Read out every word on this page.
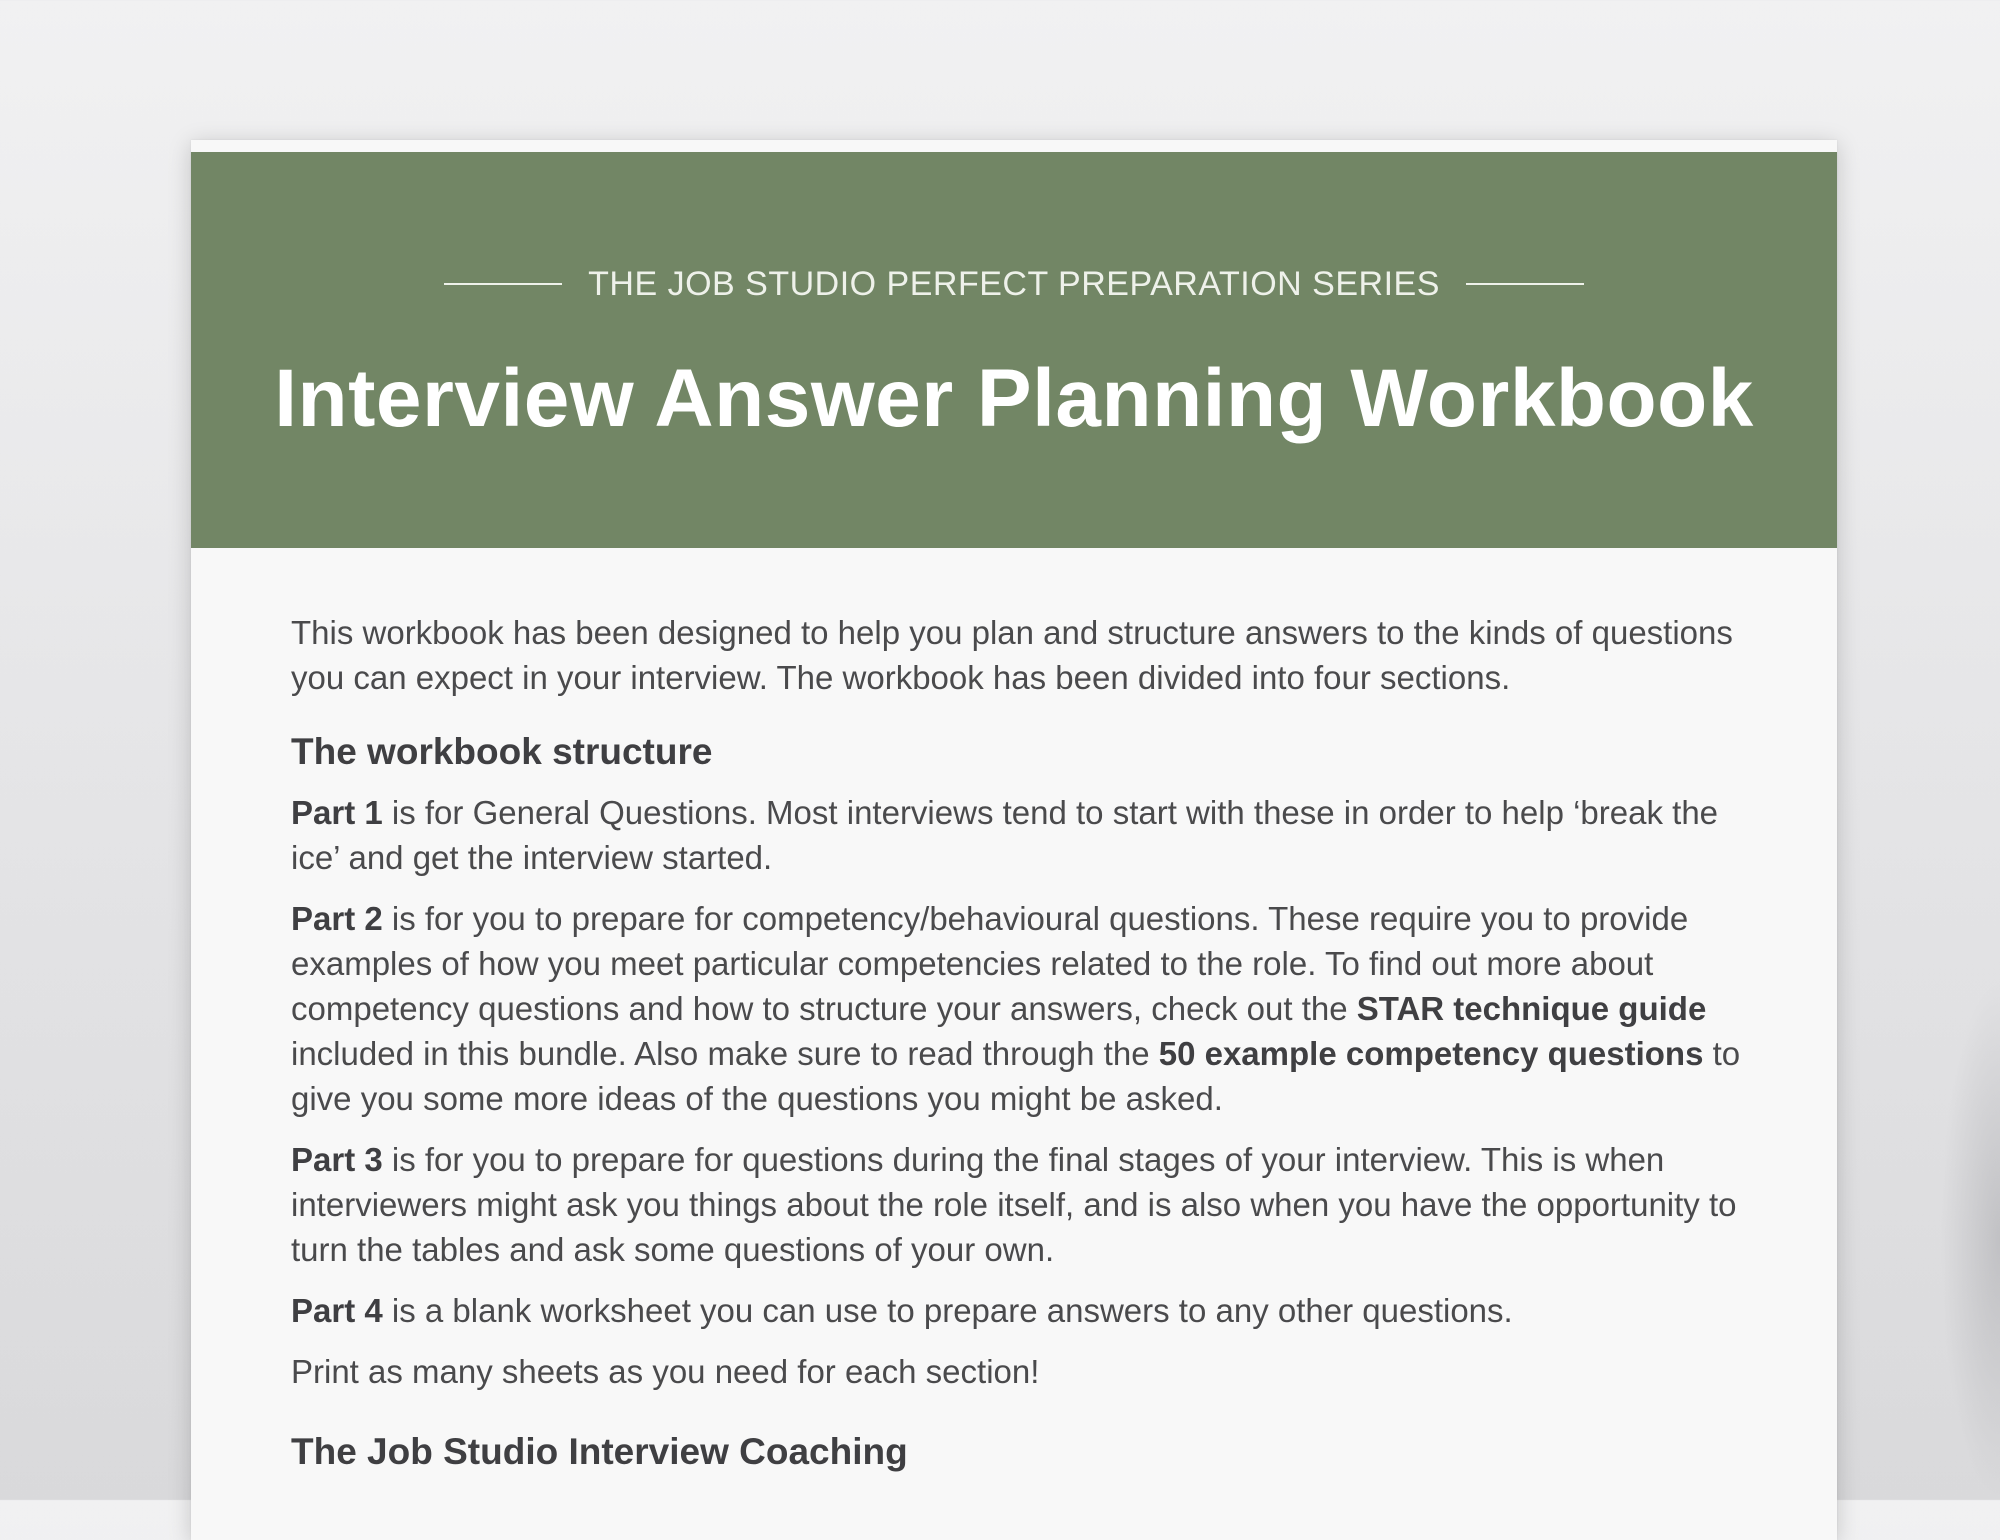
THE JOB STUDIO PERFECT PREPARATION SERIES
Interview Answer Planning Workbook

This workbook has been designed to help you plan and structure answers to the kinds of questions you can expect in your interview. The workbook has been divided into four sections.

The workbook structure

Part 1 is for General Questions. Most interviews tend to start with these in order to help ‘break the ice’ and get the interview started.

Part 2 is for you to prepare for competency/behavioural questions. These require you to provide examples of how you meet particular competencies related to the role. To find out more about competency questions and how to structure your answers, check out the STAR technique guide included in this bundle. Also make sure to read through the 50 example competency questions to give you some more ideas of the questions you might be asked.

Part 3 is for you to prepare for questions during the final stages of your interview. This is when interviewers might ask you things about the role itself, and is also when you have the opportunity to turn the tables and ask some questions of your own.

Part 4 is a blank worksheet you can use to prepare answers to any other questions.

Print as many sheets as you need for each section!

The Job Studio Interview Coaching
